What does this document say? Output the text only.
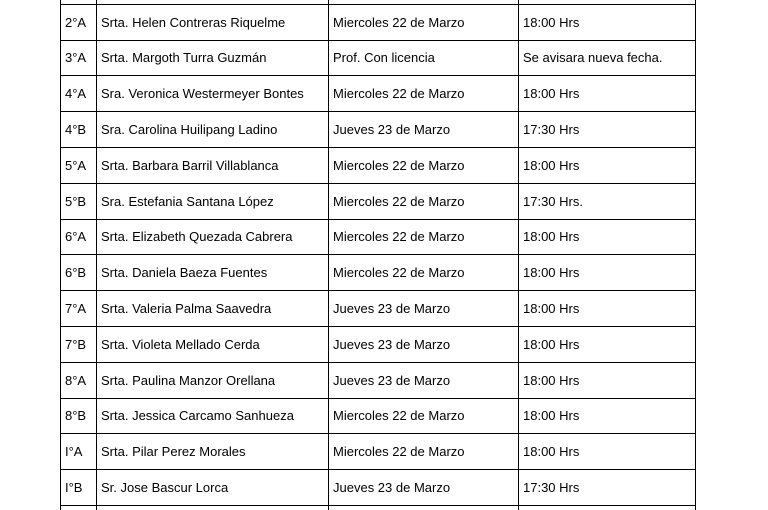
2°A	Srta. Helen Contreras Riquelme	Miercoles 22 de Marzo	18:00 Hrs
3°A	Srta. Margoth Turra Guzmán	Prof. Con licencia	Se avisara nueva fecha.
4°A	Sra. Veronica Westermeyer Bontes	Miercoles 22 de Marzo	18:00 Hrs
4°B	Sra. Carolina Huilipang Ladino	Jueves 23 de Marzo	17:30 Hrs
5°A	Srta. Barbara Barril Villablanca	Miercoles 22 de Marzo	18:00 Hrs
5°B	Sra. Estefania Santana López	Miercoles 22 de Marzo	17:30 Hrs.
6°A	Srta. Elizabeth Quezada Cabrera	Miercoles 22 de Marzo	18:00 Hrs
6°B	Srta. Daniela Baeza Fuentes	Miercoles 22 de Marzo	18:00 Hrs
7°A	Srta. Valeria Palma Saavedra	Jueves 23 de Marzo	18:00 Hrs
7°B	Srta. Violeta Mellado Cerda	Jueves 23 de Marzo	18:00 Hrs
8°A	Srta. Paulina Manzor Orellana	Jueves 23 de Marzo	18:00 Hrs
8°B	Srta. Jessica Carcamo Sanhueza	Miercoles 22 de Marzo	18:00 Hrs
I°A	Srta. Pilar Perez Morales	Miercoles 22 de Marzo	18:00 Hrs
I°B	Sr. Jose Bascur Lorca	Jueves 23 de Marzo	17:30 Hrs
